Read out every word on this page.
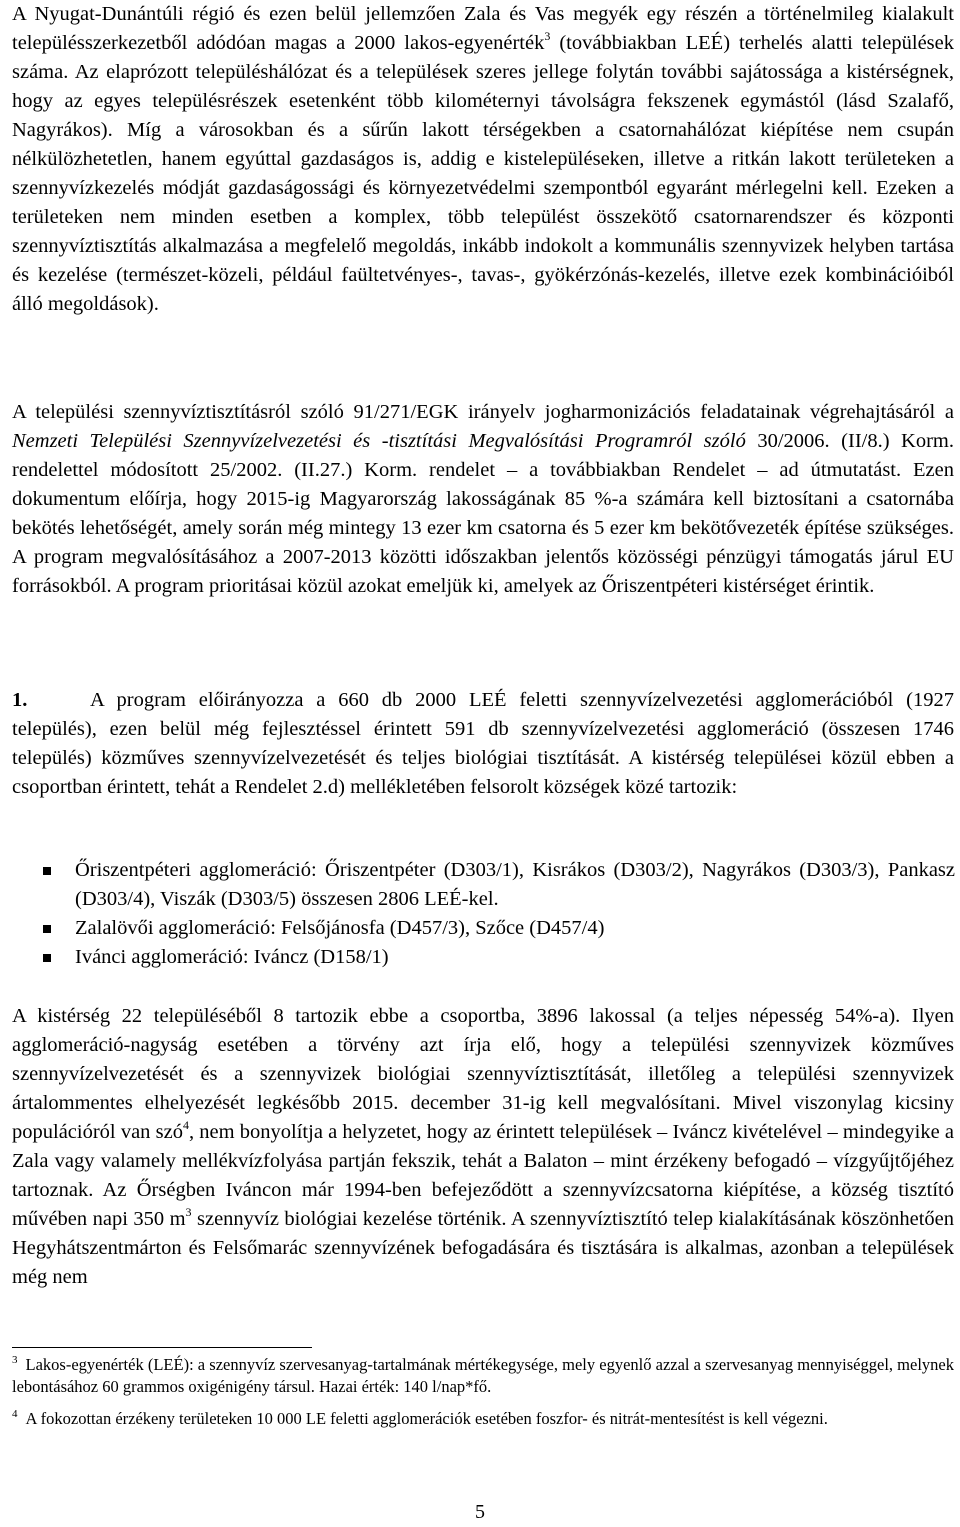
A Nyugat-Dunántúli régió és ezen belül jellemzően Zala és Vas megyék egy részén a történelmileg kialakult településszerkezetből adódóan magas a 2000 lakos-egyenérték$^3$ (továbbiakban LEÉ) terhelés alatti települések száma. Az elaprózott településhálózat és a települések szeres jellege folytán további sajátossága a kistérségnek, hogy az egyes településrészek esetenként több kilométernyi távolságra fekszenek egymástól (lásd Szalafő, Nagyrákos). Míg a városokban és a sűrűn lakott térségekben a csatornahálózat kiépítése nem csupán nélkülözhetetlen, hanem egyúttal gazdaságos is, addig e kistelepüléseken, illetve a ritkán lakott területeken a szennyvízkezelés módját gazdaságossági és környezetvédelmi szempontból egyaránt mérlegelni kell. Ezeken a területeken nem minden esetben a komplex, több települést összekötő csatornarendszer és központi szennyvíztisztítás alkalmazása a megfelelő megoldás, inkább indokolt a kommunális szennyvizek helyben tartása és kezelése (természet-közeli, például faültetvényes-, tavas-, gyökérzónás-kezelés, illetve ezek kombinációiból álló megoldások).

A települési szennyvíztisztításról szóló 91/271/EGK irányelv jogharmonizációs feladatainak végrehajtásáról a Nemzeti Települési Szennyvízelvezetési és -tisztítási Megvalósítási Programról szóló 30/2006. (II/8.) Korm. rendelettel módosított 25/2002. (II.27.) Korm. rendelet – a továbbiakban Rendelet – ad útmutatást. Ezen dokumentum előírja, hogy 2015-ig Magyarország lakosságának 85 %-a számára kell biztosítani a csatornába bekötés lehetőségét, amely során még mintegy 13 ezer km csatorna és 5 ezer km bekötővezeték építése szükséges. A program megvalósításához a 2007-2013 közötti időszakban jelentős közösségi pénzügyi támogatás járul EU forrásokból. A program prioritásai közül azokat emeljük ki, amelyek az Őriszentpéteri kistérséget érintik.

1.	A program előirányozza a 660 db 2000 LEÉ feletti szennyvízelvezetési agglomerációból (1927 település), ezen belül még fejlesztéssel érintett 591 db szennyvízelvezetési agglomeráció (összesen 1746 település) közműves szennyvízelvezetését és teljes biológiai tisztítását. A kistérség települései közül ebben a csoportban érintett, tehát a Rendelet 2.d) mellékletében felsorolt községek közé tartozik:

Őriszentpéteri agglomeráció: Őriszentpéter (D303/1), Kisrákos (D303/2), Nagyrákos (D303/3), Pankasz (D303/4), Viszák (D303/5) összesen 2806 LEÉ-kel.
Zalalövői agglomeráció: Felsőjánosfa (D457/3), Szőce (D457/4)
Ivánci agglomeráció: Iváncz (D158/1)

A kistérség 22 településéből 8 tartozik ebbe a csoportba, 3896 lakossal (a teljes népesség 54%-a). Ilyen agglomeráció-nagyság esetében a törvény azt írja elő, hogy a települési szennyvizek közműves szennyvízelvezetését és a szennyvizek biológiai szennyvíztisztítását, illetőleg a települési szennyvizek ártalommentes elhelyezését legkésőbb 2015. december 31-ig kell megvalósítani. Mivel viszonylag kicsiny populációról van szó$^4$, nem bonyolítja a helyzetet, hogy az érintett települések – Iváncz kivételével – mindegyike a Zala vagy valamely mellékvízfolyása partján fekszik, tehát a Balaton – mint érzékeny befogadó – vízgyűjtőjéhez tartoznak. Az Őrségben Iváncon már 1994-ben befejeződött a szennyvízcsatorna kiépítése, a község tisztító művében napi 350 $m^3$ szennyvíz biológiai kezelése történik. A szennyvíztisztító telep kialakításának köszönhetően Hegyhátszentmárton és Felsőmarác szennyvízének befogadására és tisztására is alkalmas, azonban a települések még nem

$^3$ Lakos-egyenérték (LEÉ): a szennyvíz szervesanyag-tartalmának mértékegysége, mely egyenlő azzal a szervesanyag mennyiséggel, melynek lebontásához 60 grammos oxigénigény társul. Hazai érték: 140 l/nap*fő.

$^4$ A fokozottan érzékeny területeken 10 000 LE feletti agglomerációk esetében foszfor- és nitrát-mentesítést is kell végezni.

5
